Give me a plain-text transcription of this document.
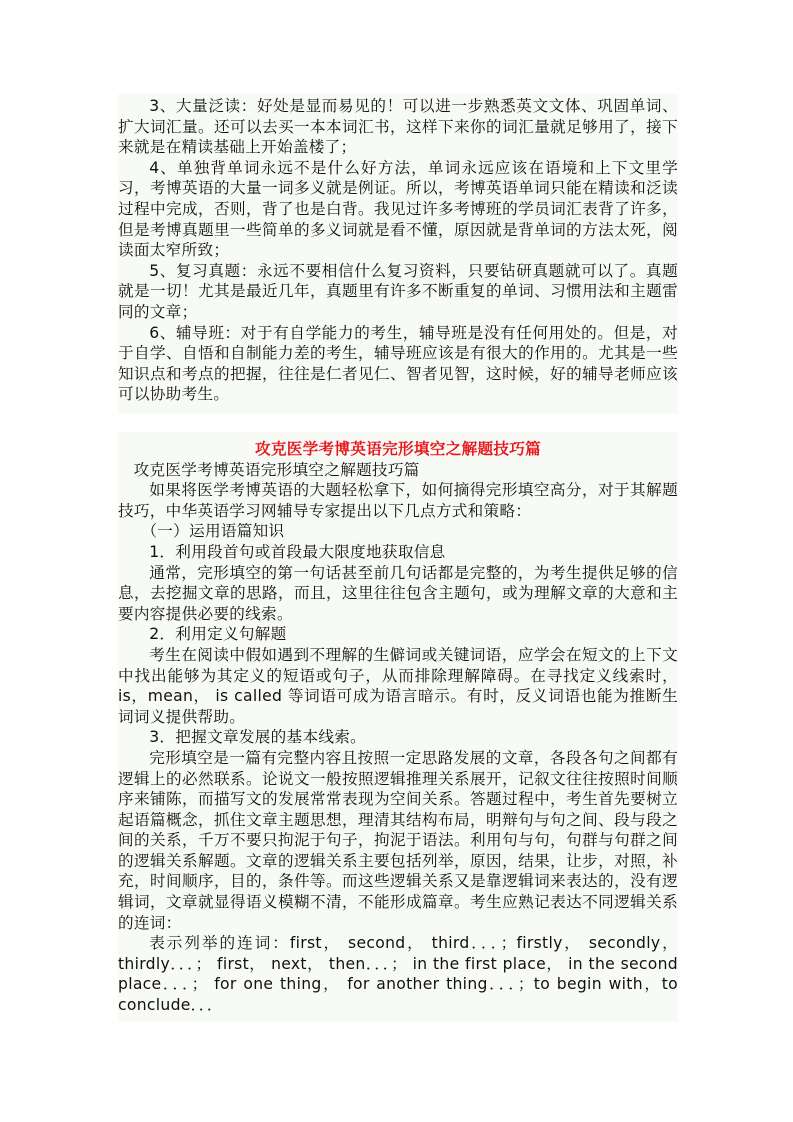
3、大量泛读：好处是显而易见的！可以进一步熟悉英文文体、巩固单词、扩大词汇量。还可以去买一本本词汇书，这样下来你的词汇量就足够用了，接下来就是在精读基础上开始盖楼了；

4、单独背单词永远不是什么好方法，单词永远应该在语境和上下文里学习，考博英语的大量一词多义就是例证。所以，考博英语单词只能在精读和泛读过程中完成，否则，背了也是白背。我见过许多考博班的学员词汇表背了许多，但是考博真题里一些简单的多义词就是看不懂，原因就是背单词的方法太死，阅读面太窄所致；

5、复习真题：永远不要相信什么复习资料，只要钻研真题就可以了。真题就是一切！尤其是最近几年，真题里有许多不断重复的单词、习惯用法和主题雷同的文章；

6、辅导班：对于有自学能力的考生，辅导班是没有任何用处的。但是，对于自学、自悟和自制能力差的考生，辅导班应该是有很大的作用的。尤其是一些知识点和考点的把握，往往是仁者见仁、智者见智，这时候，好的辅导老师应该可以协助考生。

攻克医学考博英语完形填空之解题技巧篇

攻克医学考博英语完形填空之解题技巧篇

如果将医学考博英语的大题轻松拿下，如何摘得完形填空高分，对于其解题技巧，中华英语学习网辅导专家提出以下几点方式和策略：

（一）运用语篇知识

1．利用段首句或首段最大限度地获取信息

通常，完形填空的第一句话甚至前几句话都是完整的，为考生提供足够的信息，去挖掘文章的思路，而且，这里往往包含主题句，或为理解文章的大意和主要内容提供必要的线索。

2．利用定义句解题

考生在阅读中假如遇到不理解的生僻词或关键词语，应学会在短文的上下文中找出能够为其定义的短语或句子，从而排除理解障碍。在寻找定义线索时，is，mean， is called 等词语可成为语言暗示。有时，反义词语也能为推断生词词义提供帮助。

3．把握文章发展的基本线索。

完形填空是一篇有完整内容且按照一定思路发展的文章，各段各句之间都有逻辑上的必然联系。论说文一般按照逻辑推理关系展开，记叙文往往按照时间顺序来铺陈，而描写文的发展常常表现为空间关系。答题过程中，考生首先要树立起语篇概念，抓住文章主题思想，理清其结构布局，明辩句与句之间、段与段之间的关系，千万不要只拘泥于句子，拘泥于语法。利用句与句，句群与句群之间的逻辑关系解题。文章的逻辑关系主要包括列举，原因，结果，让步，对照，补充，时间顺序，目的，条件等。而这些逻辑关系又是靠逻辑词来表达的，没有逻辑词，文章就显得语义模糊不清，不能形成篇章。考生应熟记表达不同逻辑关系的连词：

表示列举的连词：first， second， third．．．；firstly， secondly，thirdly．．．； first， next， then．．．； in the first place， in the second place．．．； for one thing， for another thing．．．；to begin with，to conclude．．．
